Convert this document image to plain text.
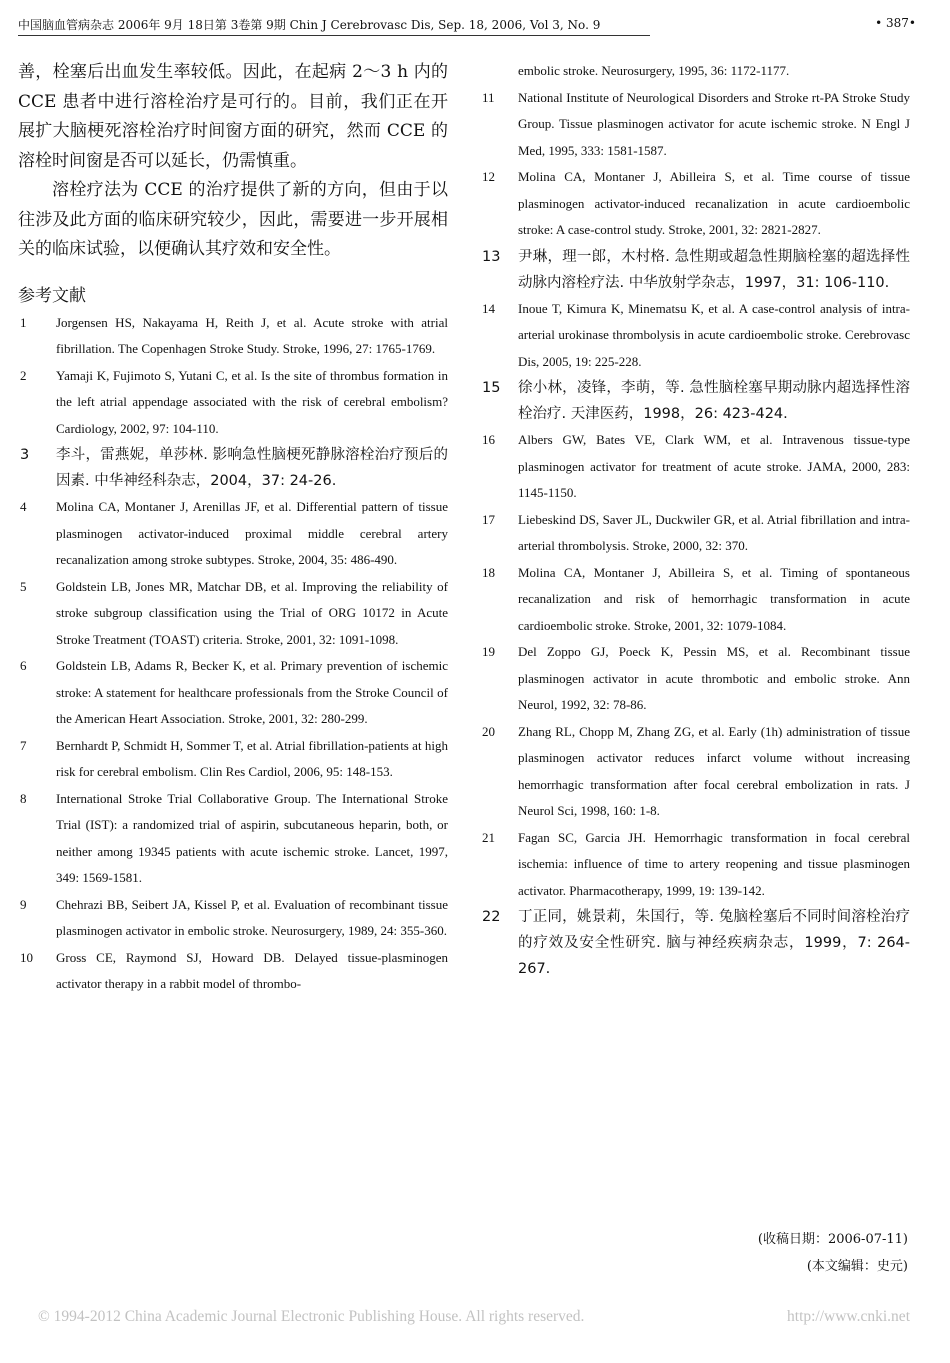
中国脑血管病杂志 2006年 9月 18日第 3卷第 9期 Chin J Cerebrovasc Dis, Sep. 18, 2006, Vol 3, No. 9	• 387•

善，栓塞后出血发生率较低。因此，在起病 2～3 h 内的 CCE 患者中进行溶栓治疗是可行的。目前，我们正在开展扩大脑梗死溶栓治疗时间窗方面的研究，然而 CCE 的溶栓时间窗是否可以延长，仍需慎重。

溶栓疗法为 CCE 的治疗提供了新的方向，但由于以往涉及此方面的临床研究较少，因此，需要进一步开展相关的临床试验，以便确认其疗效和安全性。

参考文献

1 Jorgensen HS, Nakayama H, Reith J, et al. Acute stroke with atrial fibrillation. The Copenhagen Stroke Study. Stroke, 1996, 27: 1765-1769.

2 Yamaji K, Fujimoto S, Yutani C, et al. Is the site of thrombus formation in the left atrial appendage associated with the risk of cerebral embolism? Cardiology, 2002, 97: 104-110.

3 李斗，雷燕妮，单莎林. 影响急性脑梗死静脉溶栓治疗预后的因素. 中华神经科杂志，2004，37: 24-26.

4 Molina CA, Montaner J, Arenillas JF, et al. Differential pattern of tissue plasminogen activator-induced proximal middle cerebral artery recanalization among stroke subtypes. Stroke, 2004, 35: 486-490.

5 Goldstein LB, Jones MR, Matchar DB, et al. Improving the reliability of stroke subgroup classification using the Trial of ORG 10172 in Acute Stroke Treatment (TOAST) criteria. Stroke, 2001, 32: 1091-1098.

6 Goldstein LB, Adams R, Becker K, et al. Primary prevention of ischemic stroke: A statement for healthcare professionals from the Stroke Council of the American Heart Association. Stroke, 2001, 32: 280-299.

7 Bernhardt P, Schmidt H, Sommer T, et al. Atrial fibrillation-patients at high risk for cerebral embolism. Clin Res Cardiol, 2006, 95: 148-153.

8 International Stroke Trial Collaborative Group. The International Stroke Trial (IST): a randomized trial of aspirin, subcutaneous heparin, both, or neither among 19345 patients with acute ischemic stroke. Lancet, 1997, 349: 1569-1581.

9 Chehrazi BB, Seibert JA, Kissel P, et al. Evaluation of recombinant tissue plasminogen activator in embolic stroke. Neurosurgery, 1989, 24: 355-360.

10 Gross CE, Raymond SJ, Howard DB. Delayed tissue-plasminogen activator therapy in a rabbit model of thrombo-

embolic stroke. Neurosurgery, 1995, 36: 1172-1177.

11 National Institute of Neurological Disorders and Stroke rt-PA Stroke Study Group. Tissue plasminogen activator for acute ischemic stroke. N Engl J Med, 1995, 333: 1581-1587.

12 Molina CA, Montaner J, Abilleira S, et al. Time course of tissue plasminogen activator-induced recanalization in acute cardioembolic stroke: A case-control study. Stroke, 2001, 32: 2821-2827.

13 尹琳，理一郎，木村格. 急性期或超急性期脑栓塞的超选择性动脉内溶栓疗法. 中华放射学杂志，1997，31: 106-110.

14 Inoue T, Kimura K, Minematsu K, et al. A case-control analysis of intra-arterial urokinase thrombolysis in acute cardioembolic stroke. Cerebrovasc Dis, 2005, 19: 225-228.

15 徐小林，凌锋，李萌，等. 急性脑栓塞早期动脉内超选择性溶栓治疗. 天津医药，1998，26: 423-424.

16 Albers GW, Bates VE, Clark WM, et al. Intravenous tissue-type plasminogen activator for treatment of acute stroke. JAMA, 2000, 283: 1145-1150.

17 Liebeskind DS, Saver JL, Duckwiler GR, et al. Atrial fibrillation and intra-arterial thrombolysis. Stroke, 2000, 32: 370.

18 Molina CA, Montaner J, Abilleira S, et al. Timing of spontaneous recanalization and risk of hemorrhagic transformation in acute cardioembolic stroke. Stroke, 2001, 32: 1079-1084.

19 Del Zoppo GJ, Poeck K, Pessin MS, et al. Recombinant tissue plasminogen activator in acute thrombotic and embolic stroke. Ann Neurol, 1992, 32: 78-86.

20 Zhang RL, Chopp M, Zhang ZG, et al. Early (1h) administration of tissue plasminogen activator reduces infarct volume without increasing hemorrhagic transformation after focal cerebral embolization in rats. J Neurol Sci, 1998, 160: 1-8.

21 Fagan SC, Garcia JH. Hemorrhagic transformation in focal cerebral ischemia: influence of time to artery reopening and tissue plasminogen activator. Pharmacotherapy, 1999, 19: 139-142.

22 丁正同，姚景莉，朱国行，等. 兔脑栓塞后不同时间溶栓治疗的疗效及安全性研究. 脑与神经疾病杂志，1999，7: 264-267.

(收稿日期：2006-07-11)
(本文编辑：史元)
© 1994-2012 China Academic Journal Electronic Publishing House. All rights reserved.	http://www.cnki.net
